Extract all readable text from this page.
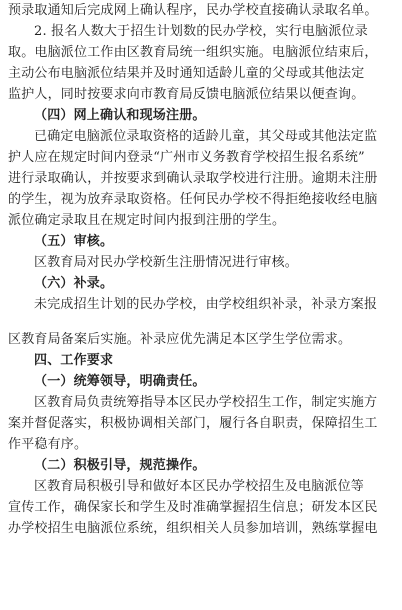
预录取通知后完成网上确认程序，民办学校直接确认录取名单。
2. 报名人数大于招生计划数的民办学校，实行电脑派位录
取。电脑派位工作由区教育局统一组织实施。电脑派位结束后，
主动公布电脑派位结果并及时通知适龄儿童的父母或其他法定
监护人，同时按要求向市教育局反馈电脑派位结果以便查询。
（四）网上确认和现场注册。
已确定电脑派位录取资格的适龄儿童，其父母或其他法定监
护人应在规定时间内登录“广州市义务教育学校招生报名系统”
进行录取确认，并按要求到确认录取学校进行注册。逾期未注册
的学生，视为放弃录取资格。任何民办学校不得拒绝接收经电脑
派位确定录取且在规定时间内报到注册的学生。
（五）审核。
区教育局对民办学校新生注册情况进行审核。
（六）补录。
未完成招生计划的民办学校，由学校组织补录，补录方案报
区教育局备案后实施。补录应优先满足本区学生学位需求。
四、工作要求
（一）统筹领导，明确责任。
区教育局负责统筹指导本区民办学校招生工作，制定实施方
案并督促落实，积极协调相关部门，履行各自职责，保障招生工
作平稳有序。
（二）积极引导，规范操作。
区教育局积极引导和做好本区民办学校招生及电脑派位等
宣传工作，确保家长和学生及时准确掌握招生信息；研发本区民
办学校招生电脑派位系统，组织相关人员参加培训，熟练掌握电
